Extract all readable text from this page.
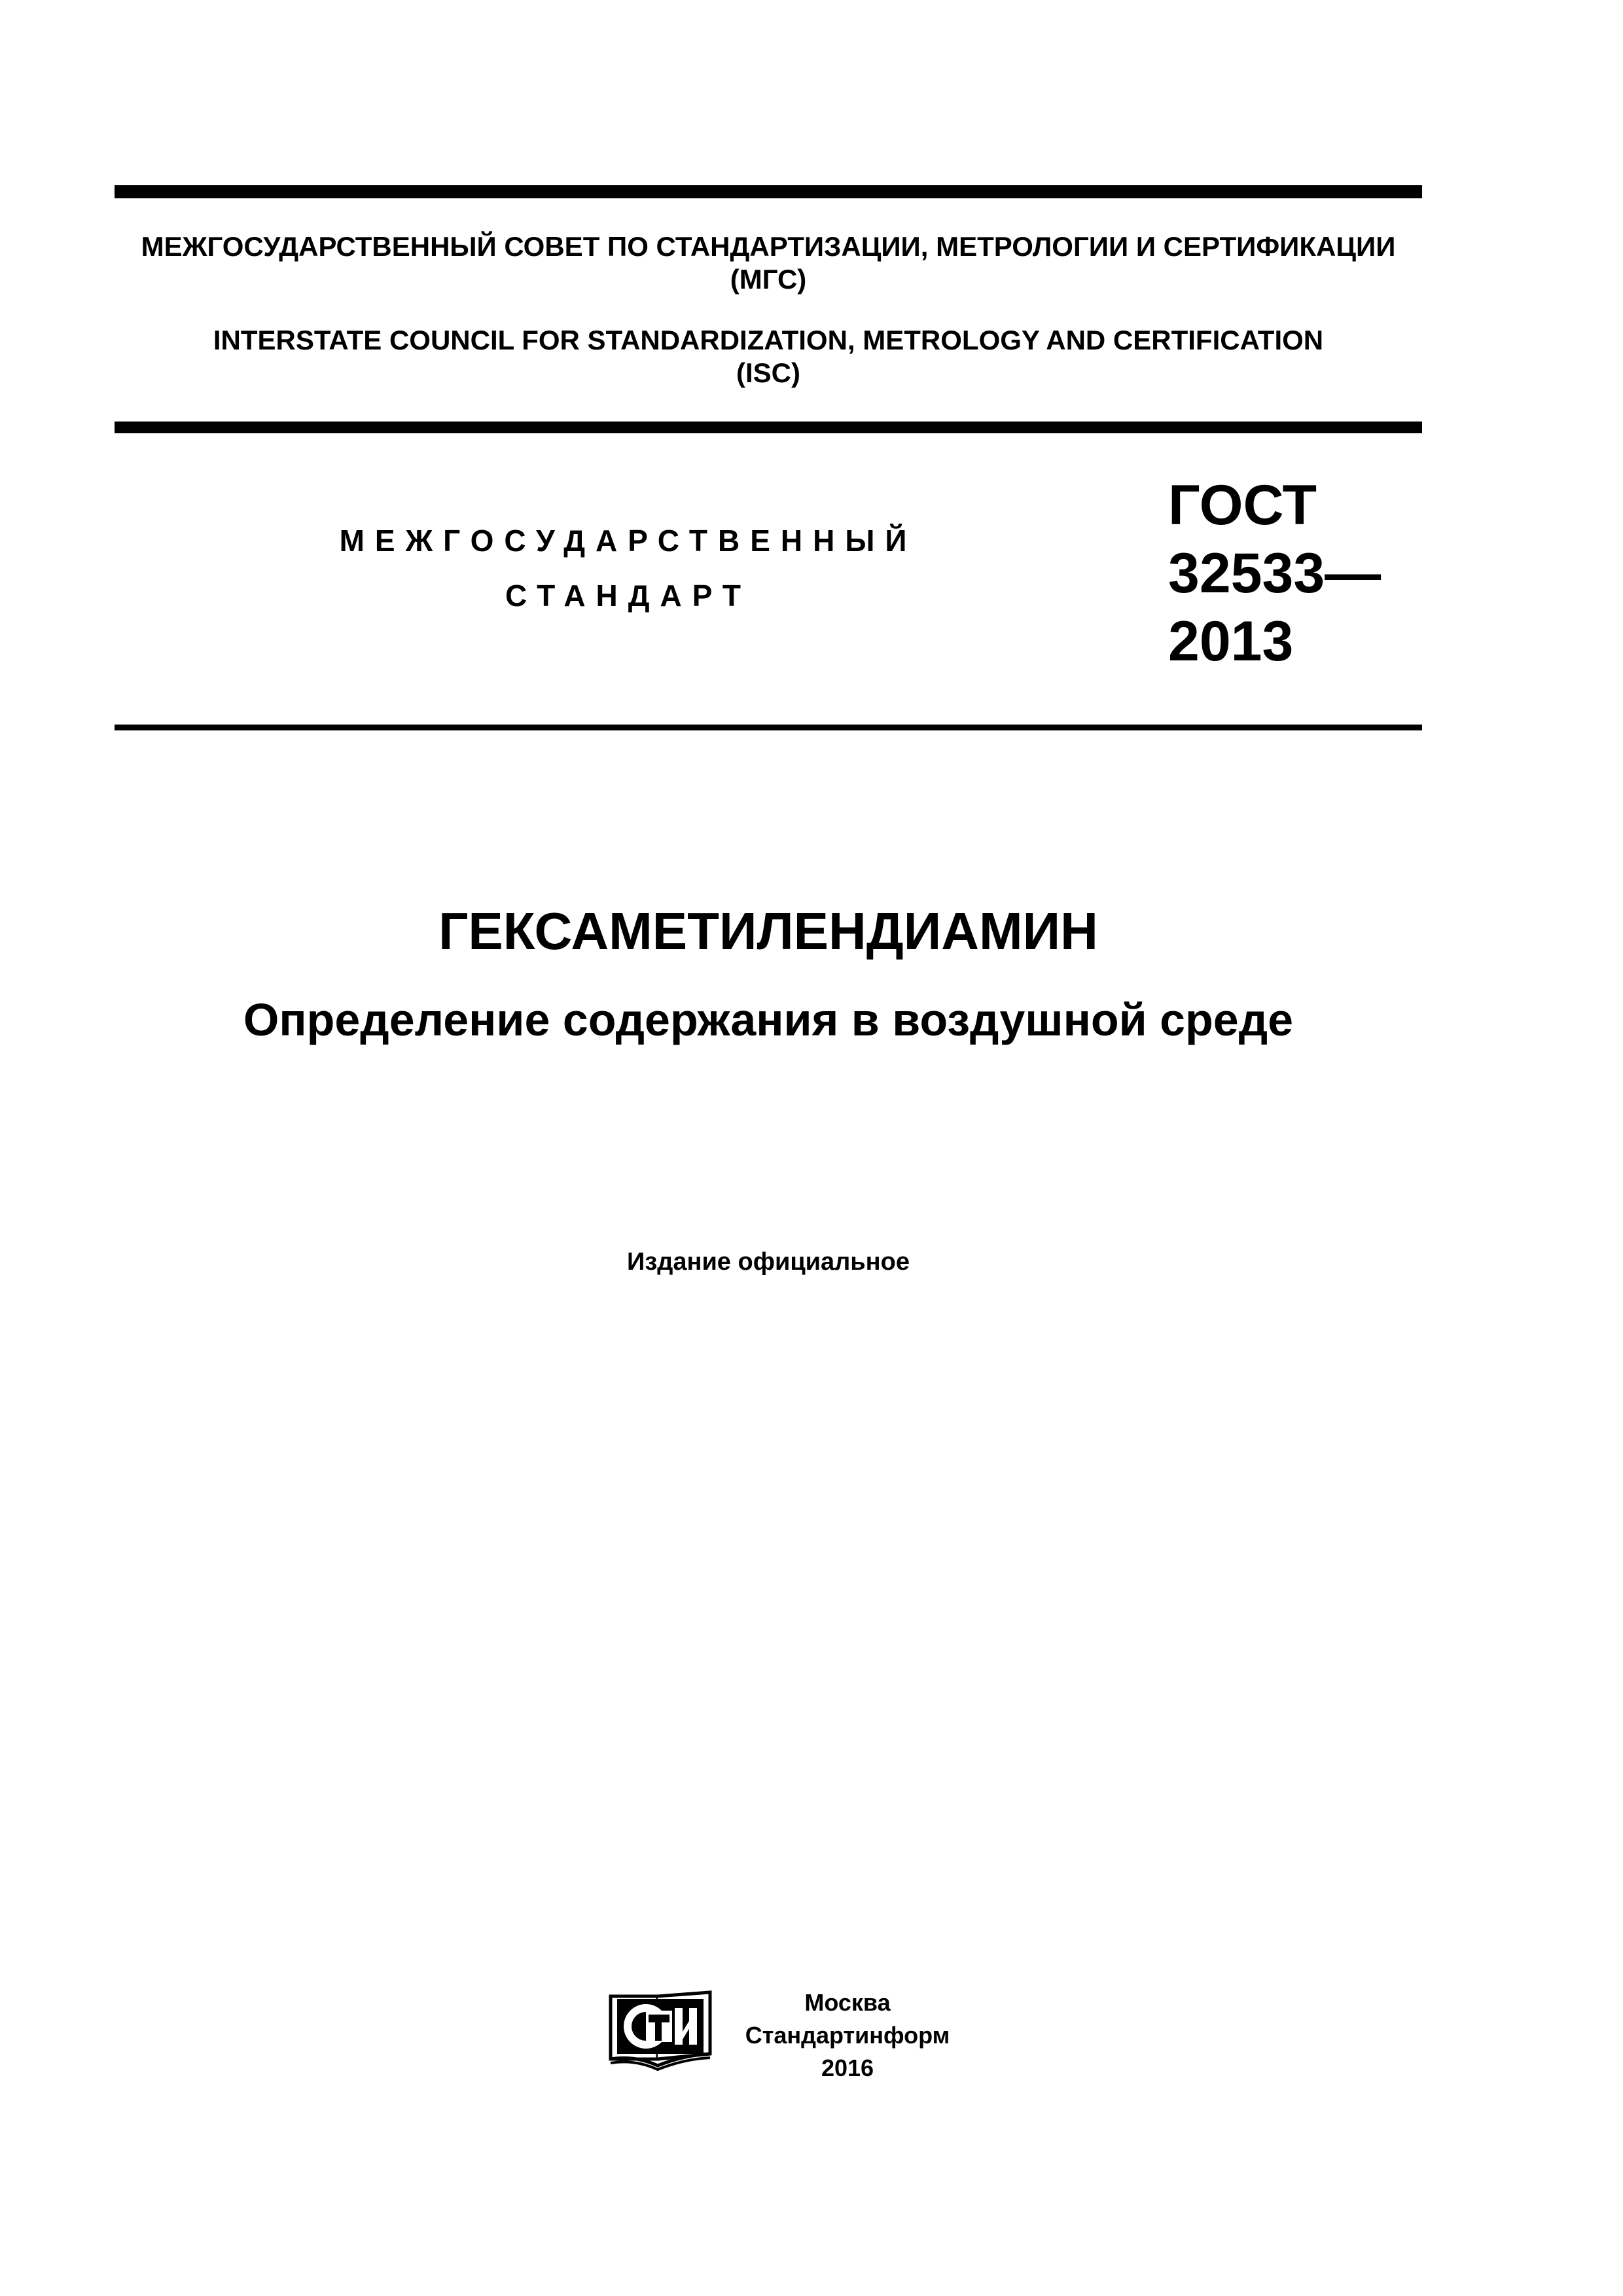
МЕЖГОСУДАРСТВЕННЫЙ СОВЕТ ПО СТАНДАРТИЗАЦИИ, МЕТРОЛОГИИ И СЕРТИФИКАЦИИ
(МГС)
INTERSTATE COUNCIL FOR STANDARDIZATION, METROLOGY AND CERTIFICATION
(ISC)
МЕЖГОСУДАРСТВЕННЫЙ
СТАНДАРТ
ГОСТ
32533—
2013
ГЕКСАМЕТИЛЕНДИАМИН
Определение содержания в воздушной среде
Издание официальное
Москва
Стандартинформ
2016
